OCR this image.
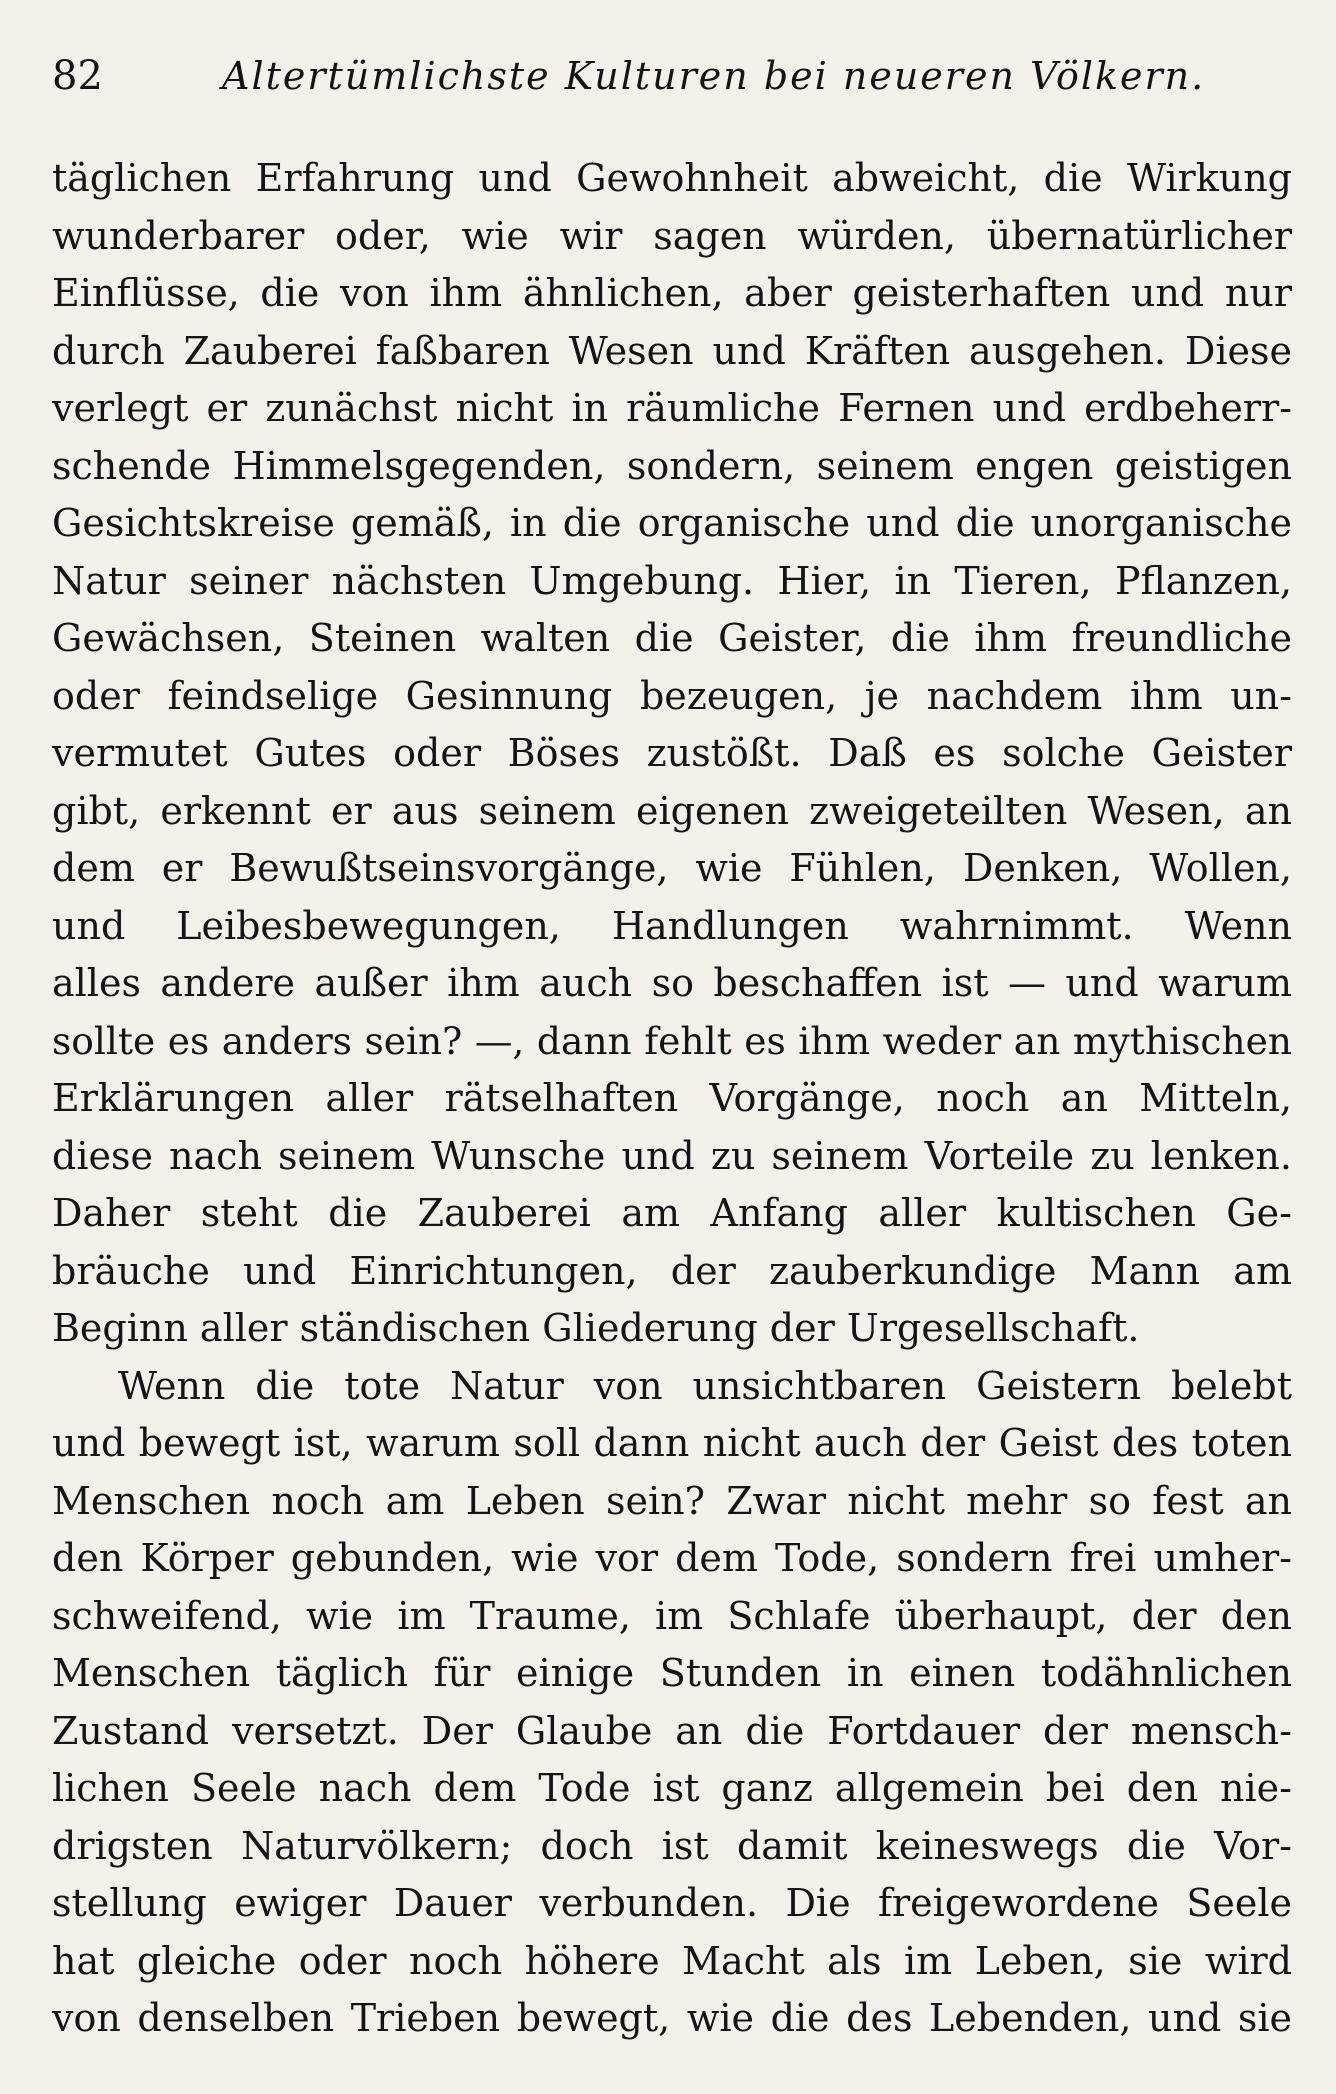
82	Altertümlichste Kulturen bei neueren Völkern.
täglichen Erfahrung und Gewohnheit abweicht, die Wirkung
wunderbarer oder, wie wir sagen würden, übernatürlicher
Einflüsse, die von ihm ähnlichen, aber geisterhaften und nur
durch Zauberei faßbaren Wesen und Kräften ausgehen. Diese
verlegt er zunächst nicht in räumliche Fernen und erdbeherr-
schende Himmelsgegenden, sondern, seinem engen geistigen
Gesichtskreise gemäß, in die organische und die unorganische
Natur seiner nächsten Umgebung. Hier, in Tieren, Pflanzen,
Gewächsen, Steinen walten die Geister, die ihm freundliche
oder feindselige Gesinnung bezeugen, je nachdem ihm un-
vermutet Gutes oder Böses zustößt. Daß es solche Geister
gibt, erkennt er aus seinem eigenen zweigeteilten Wesen, an
dem er Bewußtseinsvorgänge, wie Fühlen, Denken, Wollen,
und Leibesbewegungen, Handlungen wahrnimmt. Wenn
alles andere außer ihm auch so beschaffen ist — und warum
sollte es anders sein? —, dann fehlt es ihm weder an mythischen
Erklärungen aller rätselhaften Vorgänge, noch an Mitteln,
diese nach seinem Wunsche und zu seinem Vorteile zu lenken.
Daher steht die Zauberei am Anfang aller kultischen Ge-
bräuche und Einrichtungen, der zauberkundige Mann am
Beginn aller ständischen Gliederung der Urgesellschaft.
Wenn die tote Natur von unsichtbaren Geistern belebt
und bewegt ist, warum soll dann nicht auch der Geist des toten
Menschen noch am Leben sein? Zwar nicht mehr so fest an
den Körper gebunden, wie vor dem Tode, sondern frei umher-
schweifend, wie im Traume, im Schlafe überhaupt, der den
Menschen täglich für einige Stunden in einen todähnlichen
Zustand versetzt. Der Glaube an die Fortdauer der mensch-
lichen Seele nach dem Tode ist ganz allgemein bei den nie-
drigsten Naturvölkern; doch ist damit keineswegs die Vor-
stellung ewiger Dauer verbunden. Die freigewordene Seele
hat gleiche oder noch höhere Macht als im Leben, sie wird
von denselben Trieben bewegt, wie die des Lebenden, und sie
